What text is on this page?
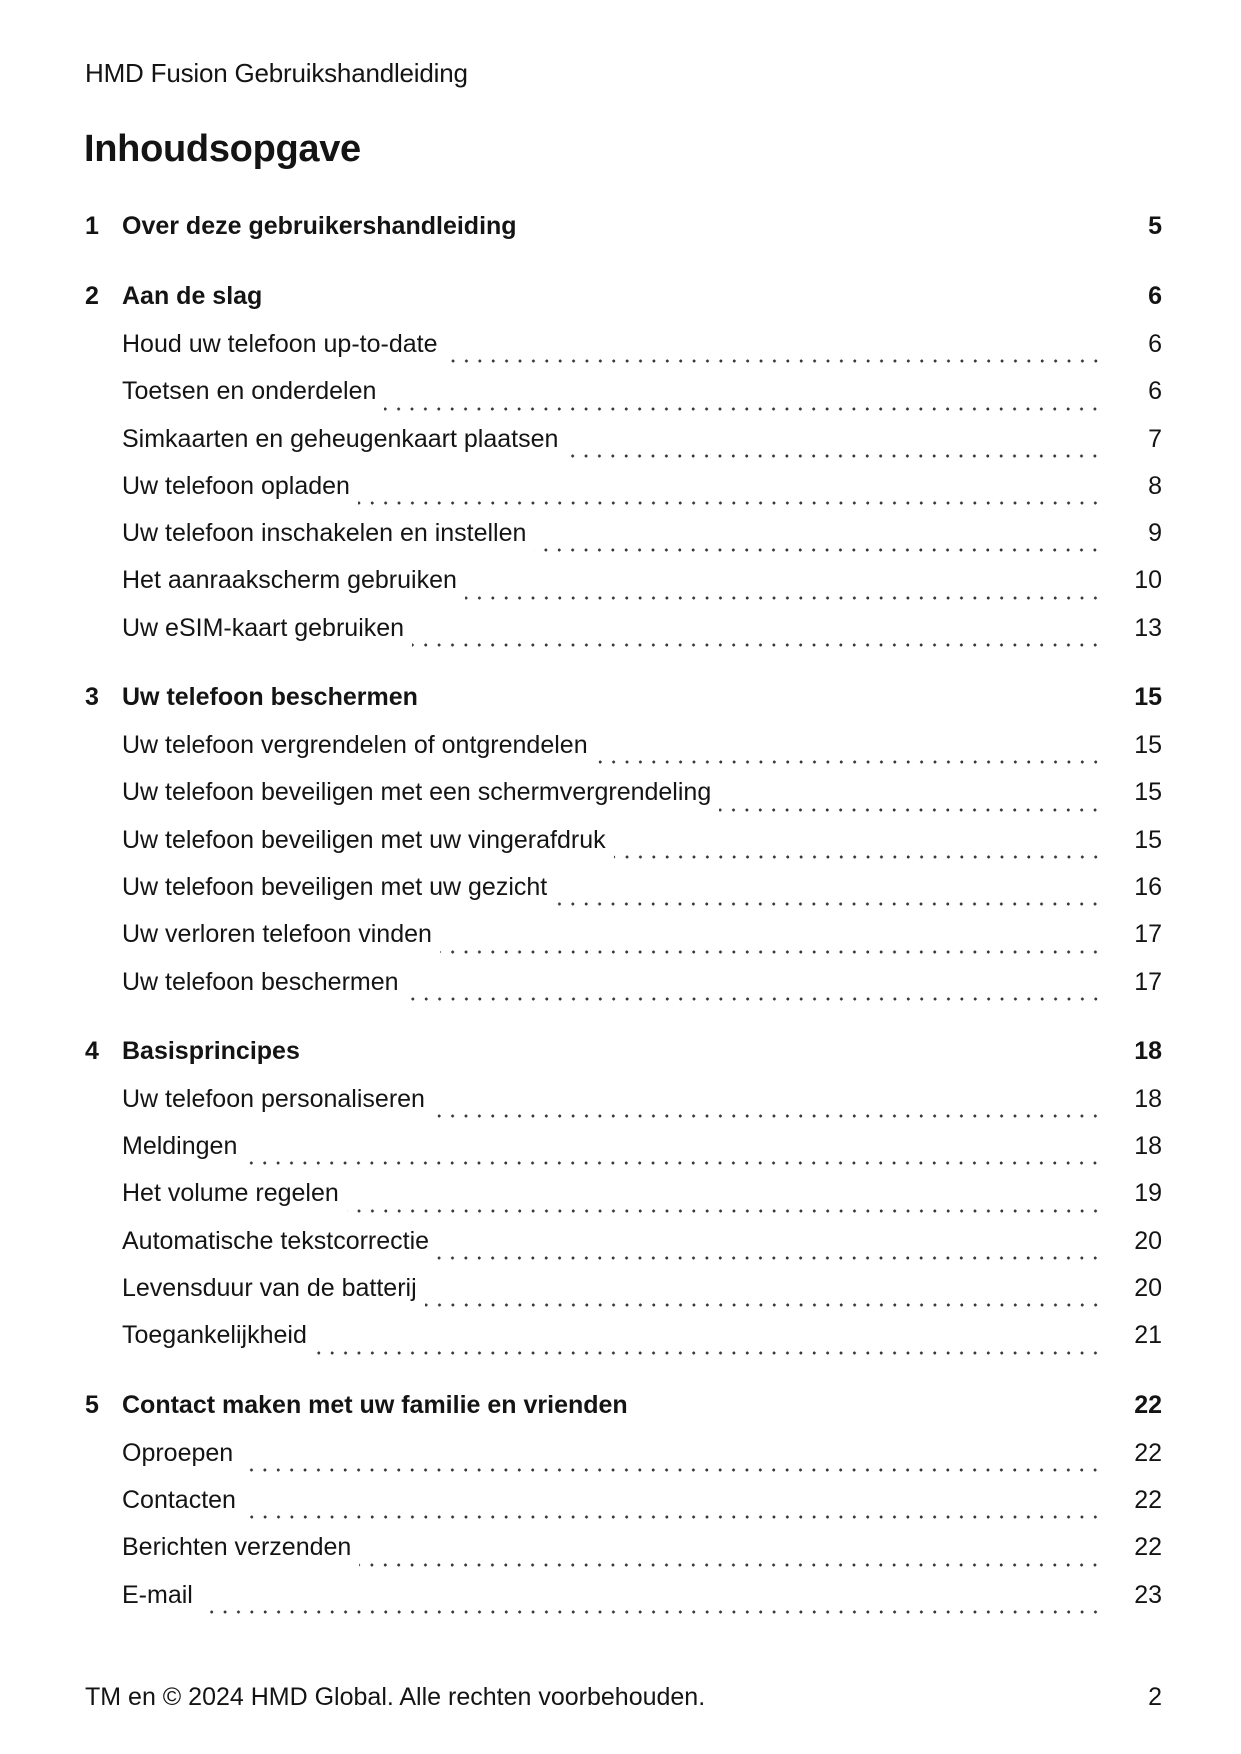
HMD Fusion Gebruikshandleiding
Inhoudsopgave
1 Over deze gebruikershandleiding	5
2 Aan de slag	6
Houd uw telefoon up-to-date	6
Toetsen en onderdelen	6
Simkaarten en geheugenkaart plaatsen	7
Uw telefoon opladen	8
Uw telefoon inschakelen en instellen	9
Het aanraakscherm gebruiken	10
Uw eSIM-kaart gebruiken	13
3 Uw telefoon beschermen	15
Uw telefoon vergrendelen of ontgrendelen	15
Uw telefoon beveiligen met een schermvergrendeling	15
Uw telefoon beveiligen met uw vingerafdruk	15
Uw telefoon beveiligen met uw gezicht	16
Uw verloren telefoon vinden	17
Uw telefoon beschermen	17
4 Basisprincipes	18
Uw telefoon personaliseren	18
Meldingen	18
Het volume regelen	19
Automatische tekstcorrectie	20
Levensduur van de batterij	20
Toegankelijkheid	21
5 Contact maken met uw familie en vrienden	22
Oproepen	22
Contacten	22
Berichten verzenden	22
E-mail	23
TM en © 2024 HMD Global. Alle rechten voorbehouden.	2
